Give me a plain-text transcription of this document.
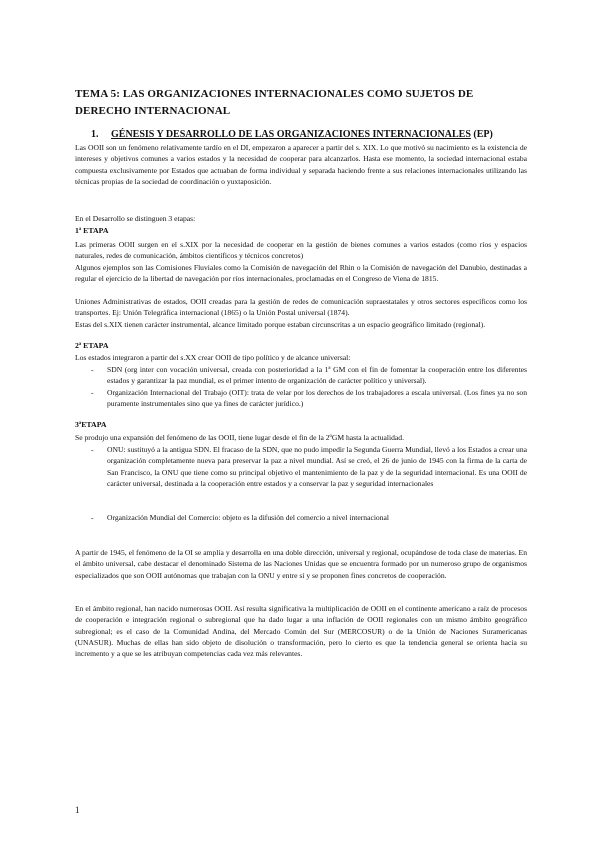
TEMA 5: LAS ORGANIZACIONES INTERNACIONALES COMO SUJETOS DE DERECHO INTERNACIONAL
1. GÉNESIS Y DESARROLLO DE LAS ORGANIZACIONES INTERNACIONALES (EP)

Las OOII son un fenómeno relativamente tardío en el DI, empezaron a aparecer a partir del s. XIX. Lo que motivó su nacimiento es la existencia de intereses y objetivos comunes a varios estados y la necesidad de cooperar para alcanzarlos. Hasta ese momento, la sociedad internacional estaba compuesta exclusivamente por Estados que actuaban de forma individual y separada haciendo frente a sus relaciones internacionales utilizando las técnicas propias de la sociedad de coordinación o yuxtaposición.

En el Desarrollo se distinguen 3 etapas:

1ª ETAPA

Las primeras OOII surgen en el s.XIX por la necesidad de cooperar en la gestión de bienes comunes a varios estados (como ríos y espacios naturales, redes de comunicación, ámbitos científicos y técnicos concretos)

Algunos ejemplos son las Comisiones Fluviales como la Comisión de navegación del Rhin o la Comisión de navegación del Danubio, destinadas a regular el ejercicio de la libertad de navegación por ríos internacionales, proclamadas en el Congreso de Viena de 1815.

Uniones Administrativas de estados, OOII creadas para la gestión de redes de comunicación supraestatales y otros sectores específicos como los transportes. Ej: Unión Telegráfica internacional (1865) o la Unión Postal universal (1874).

Estas del s.XIX tienen carácter instrumental, alcance limitado porque estaban circunscritas a un espacio geográfico limitado (regional).

2ª ETAPA

Los estados integraron a partir del s.XX crear OOII de tipo político y de alcance universal:

- SDN (org inter con vocación universal, creada con posterioridad a la 1ª GM con el fin de fomentar la cooperación entre los diferentes estados y garantizar la paz mundial, es el primer intento de organización de carácter político y universal).
- Organización Internacional del Trabajo (OIT): trata de velar por los derechos de los trabajadores a escala universal. (Los fines ya no son puramente instrumentales sino que ya fines de carácter jurídico.)

3ªETAPA

Se produjo una expansión del fenómeno de las OOII, tiene lugar desde el fin de la 2ºGM hasta la actualidad.

- ONU: sustituyó a la antigua SDN. El fracaso de la SDN, que no pudo impedir la Segunda Guerra Mundial, llevó a los Estados a crear una organización completamente nueva para preservar la paz a nivel mundial. Así se creó, el 26 de junio de 1945 con la firma de la carta de San Francisco, la ONU que tiene como su principal objetivo el mantenimiento de la paz y de la seguridad internacional. Es una OOII de carácter universal, destinada a la cooperación entre estados y a conservar la paz y seguridad internacionales
- Organización Mundial del Comercio: objeto es la difusión del comercio a nivel internacional

A partir de 1945, el fenómeno de la OI se amplía y desarrolla en una doble dirección, universal y regional, ocupándose de toda clase de materias. En el ámbito universal, cabe destacar el denominado Sistema de las Naciones Unidas que se encuentra formado por un numeroso grupo de organismos especializados que son OOII autónomas que trabajan con la ONU y entre sí y se proponen fines concretos de cooperación.

En el ámbito regional, han nacido numerosas OOII. Así resulta significativa la multiplicación de OOII en el continente americano a raíz de procesos de cooperación e integración regional o subregional que ha dado lugar a una inflación de OOII regionales con un mismo ámbito geográfico subregional; es el caso de la Comunidad Andina, del Mercado Común del Sur (MERCOSUR) o de la Unión de Naciones Suramericanas (UNASUR). Muchas de ellas han sido objeto de disolución o transformación, pero lo cierto es que la tendencia general se orienta hacia su incremento y a que se les atribuyan competencias cada vez más relevantes.

1
